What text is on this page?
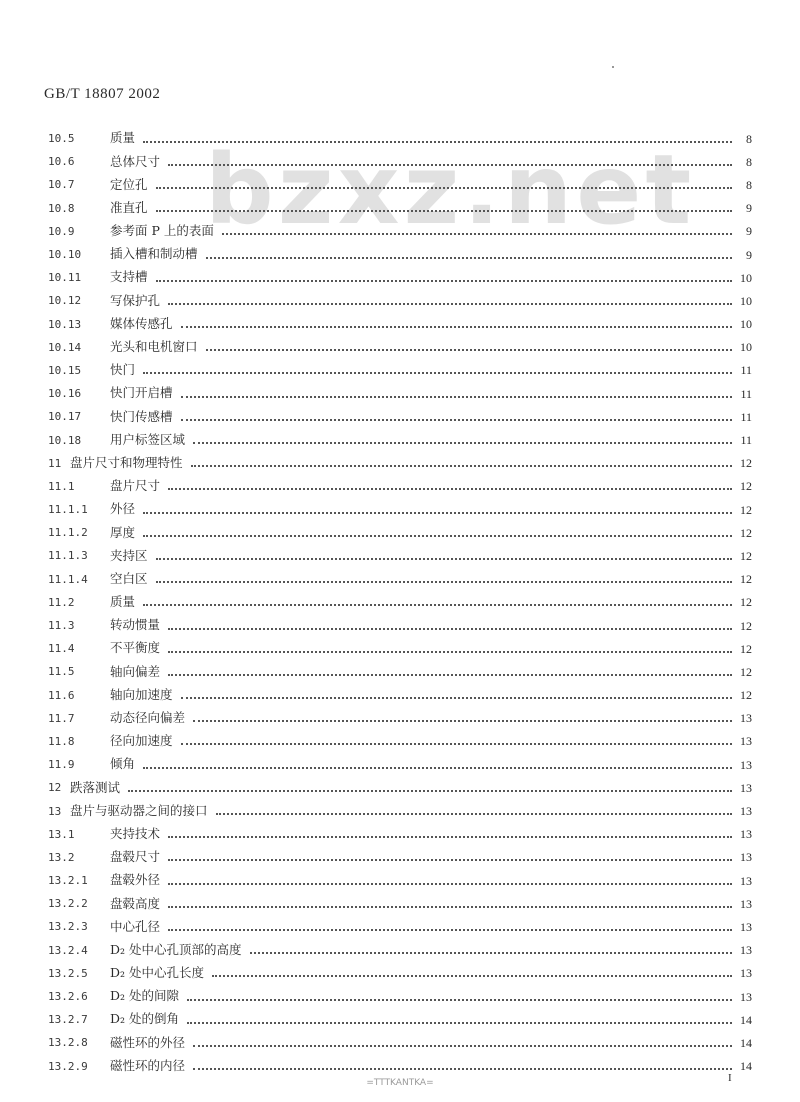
GB/T 18807 2002
bzxz.net
10.5	质量	8
10.6	总体尺寸	8
10.7	定位孔	8
10.8	准直孔	9
10.9	参考面 P 上的表面	9
10.10	插入槽和制动槽	9
10.11	支持槽	10
10.12	写保护孔	10
10.13	媒体传感孔	10
10.14	光头和电机窗口	10
10.15	快门	11
10.16	快门开启槽	11
10.17	快门传感槽	11
10.18	用户标签区域	11
11 盘片尺寸和物理特性	12
11.1	盘片尺寸	12
11.1.1	外径	12
11.1.2	厚度	12
11.1.3	夹持区	12
11.1.4	空白区	12
11.2	质量	12
11.3	转动惯量	12
11.4	不平衡度	12
11.5	轴向偏差	12
11.6	轴向加速度	12
11.7	动态径向偏差	13
11.8	径向加速度	13
11.9	倾角	13
12 跌落测试	13
13 盘片与驱动器之间的接口	13
13.1	夹持技术	13
13.2	盘毂尺寸	13
13.2.1	盘毂外径	13
13.2.2	盘毂高度	13
13.2.3	中心孔径	13
13.2.4	D₂ 处中心孔顶部的高度	13
13.2.5	D₂ 处中心孔长度	13
13.2.6	D₂ 处的间隙	13
13.2.7	D₂ 处的倒角	14
13.2.8	磁性环的外径	14
13.2.9	磁性环的内径	14
=TTTKANTKA=	I
